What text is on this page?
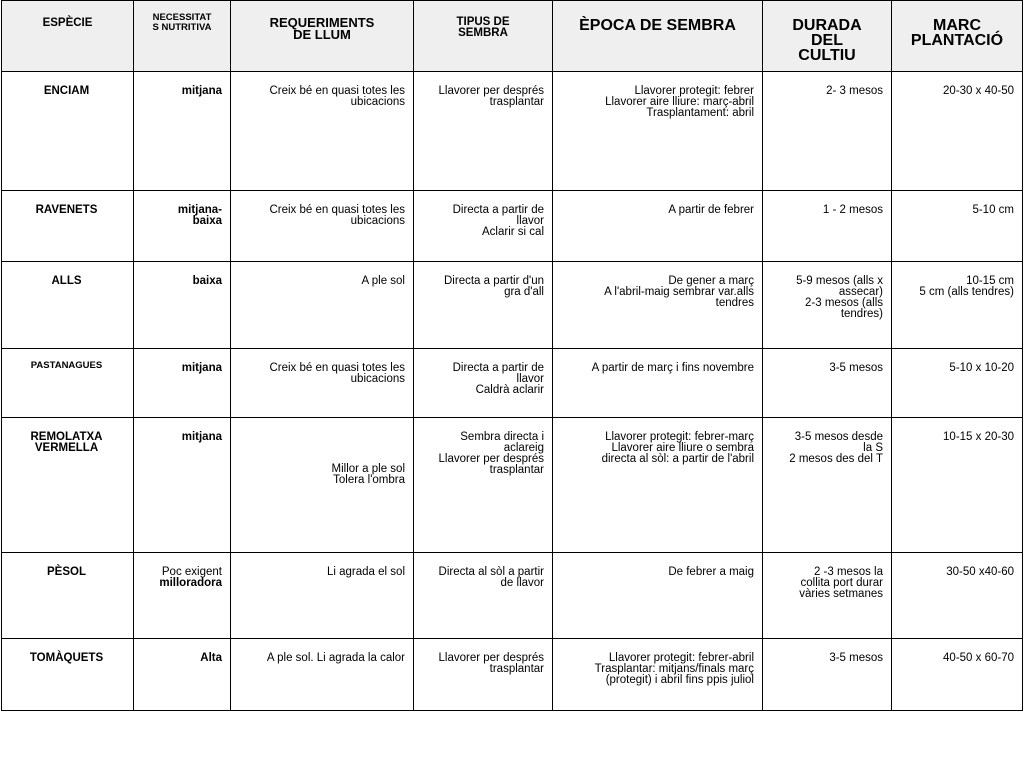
ESPÈCIE	NECESSITAT
S NUTRITIVA	REQUERIMENTS
DE LLUM	TIPUS DE
SEMBRA	ÈPOCA DE SEMBRA	DURADA
DEL
CULTIU	MARC
PLANTACIÓ

ENCIAM	mitjana	Creix bé en quasi totes les
ubicacions	Llavorer per després
trasplantar	Llavorer protegit: febrer
Llavorer aire lliure: març-abril
Trasplantament: abril	2- 3 mesos	20-30 x 40-50

RAVENETS	mitjana-
baixa	Creix bé en quasi totes les
ubicacions	Directa a partir de
llavor
Aclarir si cal	A partir de febrer	1 - 2 mesos	5-10 cm

ALLS	baixa	A ple sol	Directa a partir d'un
gra d'all	De gener a març
A l'abril-maig sembrar var.alls
tendres	5-9 mesos (alls x
assecar)
2-3 mesos (alls
tendres)	10-15 cm
5 cm (alls tendres)

PASTANAGUES	mitjana	Creix bé en quasi totes les
ubicacions	Directa a partir de
llavor
Caldrà aclarir	A partir de març i fins novembre	3-5 mesos	5-10 x 10-20

REMOLATXA
VERMELLA	mitjana	Millor a ple sol
Tolera l'ombra	Sembra directa i
aclareig
Llavorer per després
trasplantar	Llavorer protegit: febrer-març
Llavorer aire lliure o sembra
directa al sòl: a partir de l'abril	3-5 mesos desde
la S
2 mesos des del T	10-15 x 20-30

PÈSOL	Poc exigent
milloradora	Li agrada el sol	Directa al sòl a partir
de llavor	De febrer a maig	2 -3 mesos la
collita port durar
vàries setmanes	30-50 x40-60

TOMÀQUETS	Alta	A ple sol. Li agrada la calor	Llavorer per després
trasplantar	Llavorer protegit: febrer-abril
Trasplantar: mitjans/finals març
(protegit) i abril fins ppis juliol	3-5 mesos	40-50 x 60-70
